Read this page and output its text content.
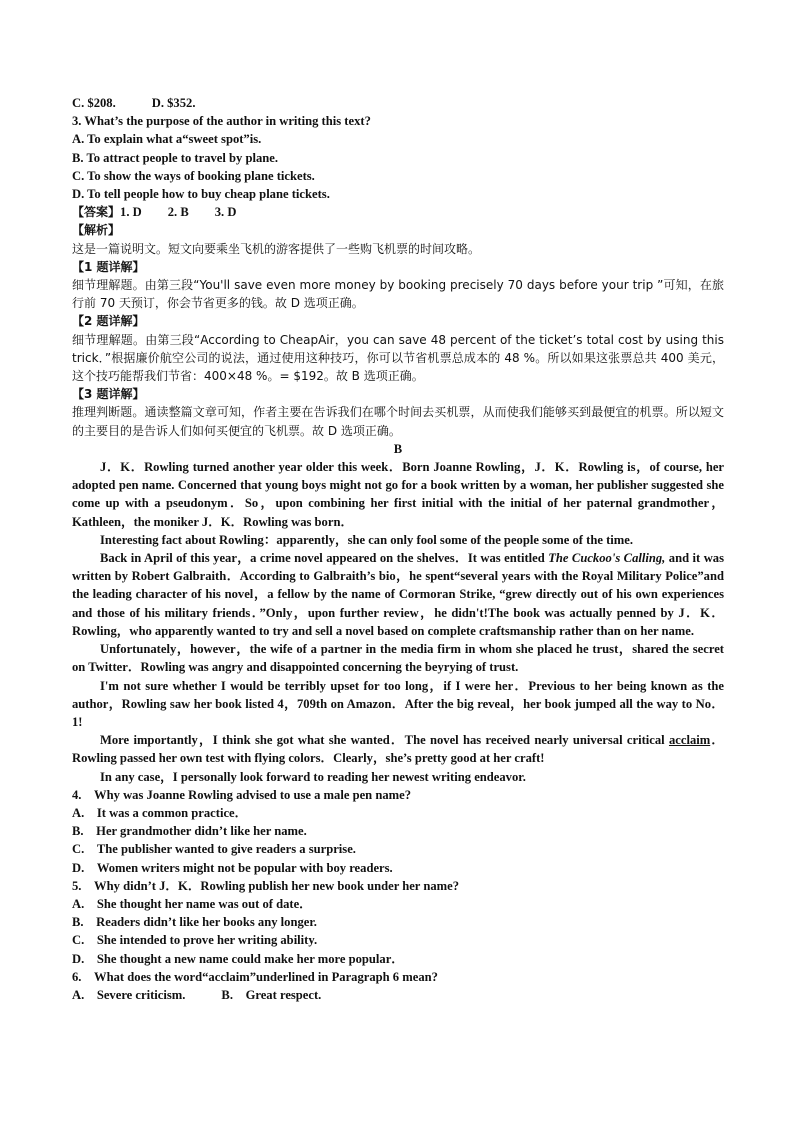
C. $208.	D. $352.
3. What’s the purpose of the author in writing this text?
A. To explain what a“sweet spot”is.
B. To attract people to travel by plane.
C. To show the ways of booking plane tickets.
D. To tell people how to buy cheap plane tickets.
【答案】1. D 2. B 3. D
【解析】
这是一篇说明文。短文向要乘坐飞机的游客提供了一些购飞机票的时间攻略。
【1 题详解】
细节理解题。由第三段“You'll save even more money by booking precisely 70 days before your trip ”可知，在旅行前 70 天预订，你会节省更多的钱。故 D 选项正确。
【2 题详解】
细节理解题。由第三段“According to CheapAir，you can save 48 percent of the ticket’s total cost by using this trick．”根据廉价航空公司的说法，通过使用这种技巧，你可以节省机票总成本的 48 %。所以如果这张票总共 400 美元，这个技巧能帮我们节省：400×48 %。= $192。故 B 选项正确。
【3 题详解】
推理判断题。通读整篇文章可知，作者主要在告诉我们在哪个时间去买机票，从而使我们能够买到最便宜的机票。所以短文的主要目的是告诉人们如何买便宜的飞机票。故 D 选项正确。
B
J．K．Rowling turned another year older this week．Born Joanne Rowling，J．K．Rowling is，of course, her adopted pen name. Concerned that young boys might not go for a book written by a woman, her publisher suggested she come up with a pseudonym．So，upon combining her first initial with the initial of her paternal grandmother，Kathleen，the moniker J．K．Rowling was born．
Interesting fact about Rowling：apparently，she can only fool some of the people some of the time.
Back in April of this year，a crime novel appeared on the shelves．It was entitled The Cuckoo's Calling, and it was written by Robert Galbraith．According to Galbraith’s bio，he spent“several years with the Royal Military Police”and the leading character of his novel，a fellow by the name of Cormoran Strike, “grew directly out of his own experiences and those of his military friends．”Only，upon further review，he didn't!The book was actually penned by J．K．Rowling，who apparently wanted to try and sell a novel based on complete craftsmanship rather than on her name.
Unfortunately，however，the wife of a partner in the media firm in whom she placed he trust，shared the secret on Twitter．Rowling was angry and disappointed concerning the beyrying of trust.
I'm not sure whether I would be terribly upset for too long，if I were her．Previous to her being known as the author，Rowling saw her book listed 4，709th on Amazon．After the big reveal，her book jumped all the way to No．1!
More importantly，I think she got what she wanted．The novel has received nearly universal critical acclaim．Rowling passed her own test with flying colors．Clearly，she’s pretty good at her craft!
In any case，I personally look forward to reading her newest writing endeavor.
4.　Why was Joanne Rowling advised to use a male pen name?
A.　It was a common practice．
B.　Her grandmother didn’t like her name.
C.　The publisher wanted to give readers a surprise.
D.　Women writers might not be popular with boy readers.
5.　Why didn’t J．K．Rowling publish her new book under her name?
A.　She thought her name was out of date．
B.　Readers didn’t like her books any longer.
C.　She intended to prove her writing ability.
D.　She thought a new name could make her more popular．
6.　What does the word“acclaim”underlined in Paragraph 6 mean?
A.　Severe criticism.	B.　Great respect.
